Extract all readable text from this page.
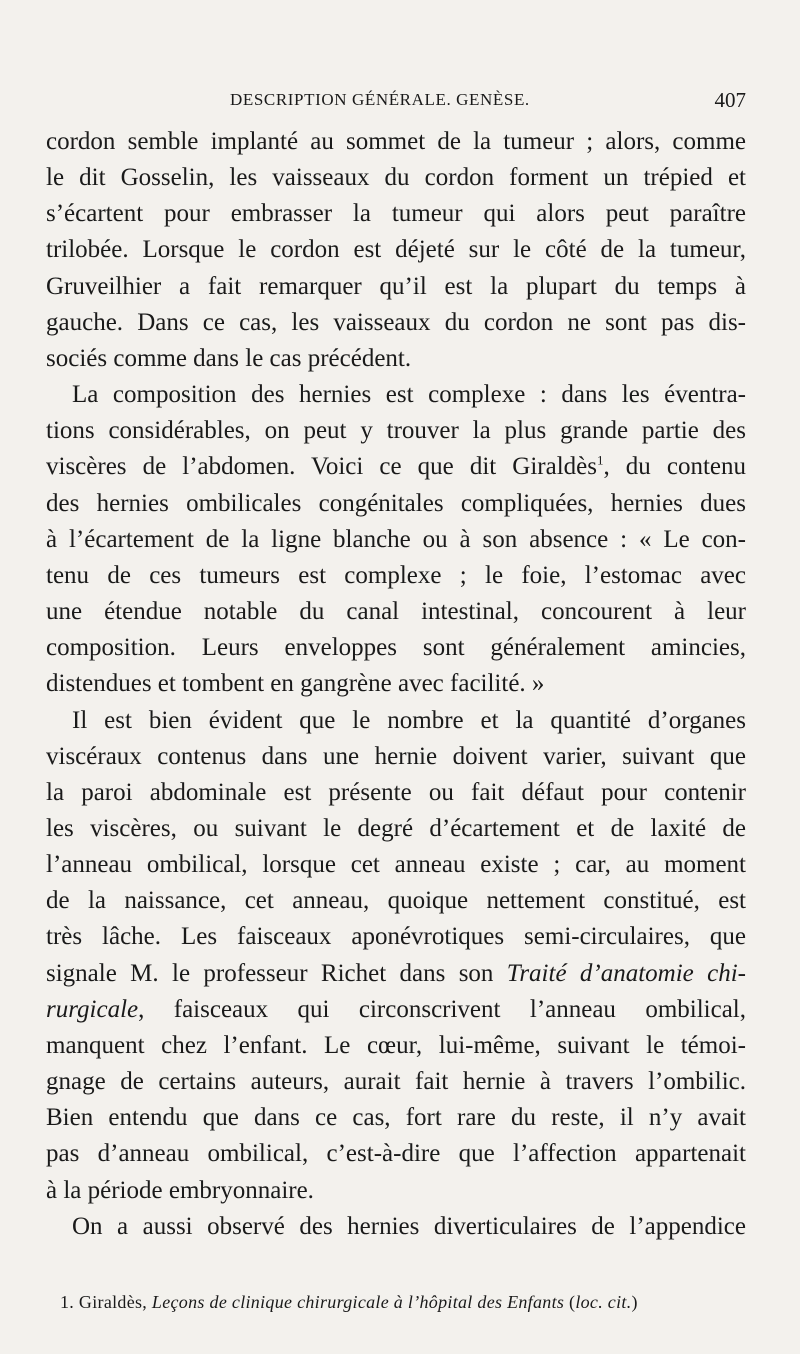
DESCRIPTION GÉNÉRALE. GENÈSE.	407
cordon semble implanté au sommet de la tumeur ; alors, comme
le dit Gosselin, les vaisseaux du cordon forment un trépied et
s’écartent pour embrasser la tumeur qui alors peut paraître
trilobée. Lorsque le cordon est déjeté sur le côté de la tumeur,
Gruveilhier a fait remarquer qu’il est la plupart du temps à
gauche. Dans ce cas, les vaisseaux du cordon ne sont pas dis-
sociés comme dans le cas précédent.
La composition des hernies est complexe : dans les éventra-
tions considérables, on peut y trouver la plus grande partie des
viscères de l’abdomen. Voici ce que dit Giraldès$^1$, du contenu
des hernies ombilicales congénitales compliquées, hernies dues
à l’écartement de la ligne blanche ou à son absence : « Le con-
tenu de ces tumeurs est complexe ; le foie, l’estomac avec
une étendue notable du canal intestinal, concourent à leur
composition. Leurs enveloppes sont généralement amincies,
distendues et tombent en gangrène avec facilité. »
Il est bien évident que le nombre et la quantité d’organes
viscéraux contenus dans une hernie doivent varier, suivant que
la paroi abdominale est présente ou fait défaut pour contenir
les viscères, ou suivant le degré d’écartement et de laxité de
l’anneau ombilical, lorsque cet anneau existe ; car, au moment
de la naissance, cet anneau, quoique nettement constitué, est
très lâche. Les faisceaux aponévrotiques semi-circulaires, que
signale M. le professeur Richet dans son Traité d’anatomie chi-
rurgicale, faisceaux qui circonscrivent l’anneau ombilical,
manquent chez l’enfant. Le cœur, lui-même, suivant le témoi-
gnage de certains auteurs, aurait fait hernie à travers l’ombilic.
Bien entendu que dans ce cas, fort rare du reste, il n’y avait
pas d’anneau ombilical, c’est-à-dire que l’affection appartenait
à la période embryonnaire.
On a aussi observé des hernies diverticulaires de l’appendice
1. Giraldès, Leçons de clinique chirurgicale à l’hôpital des Enfants (loc. cit.)
